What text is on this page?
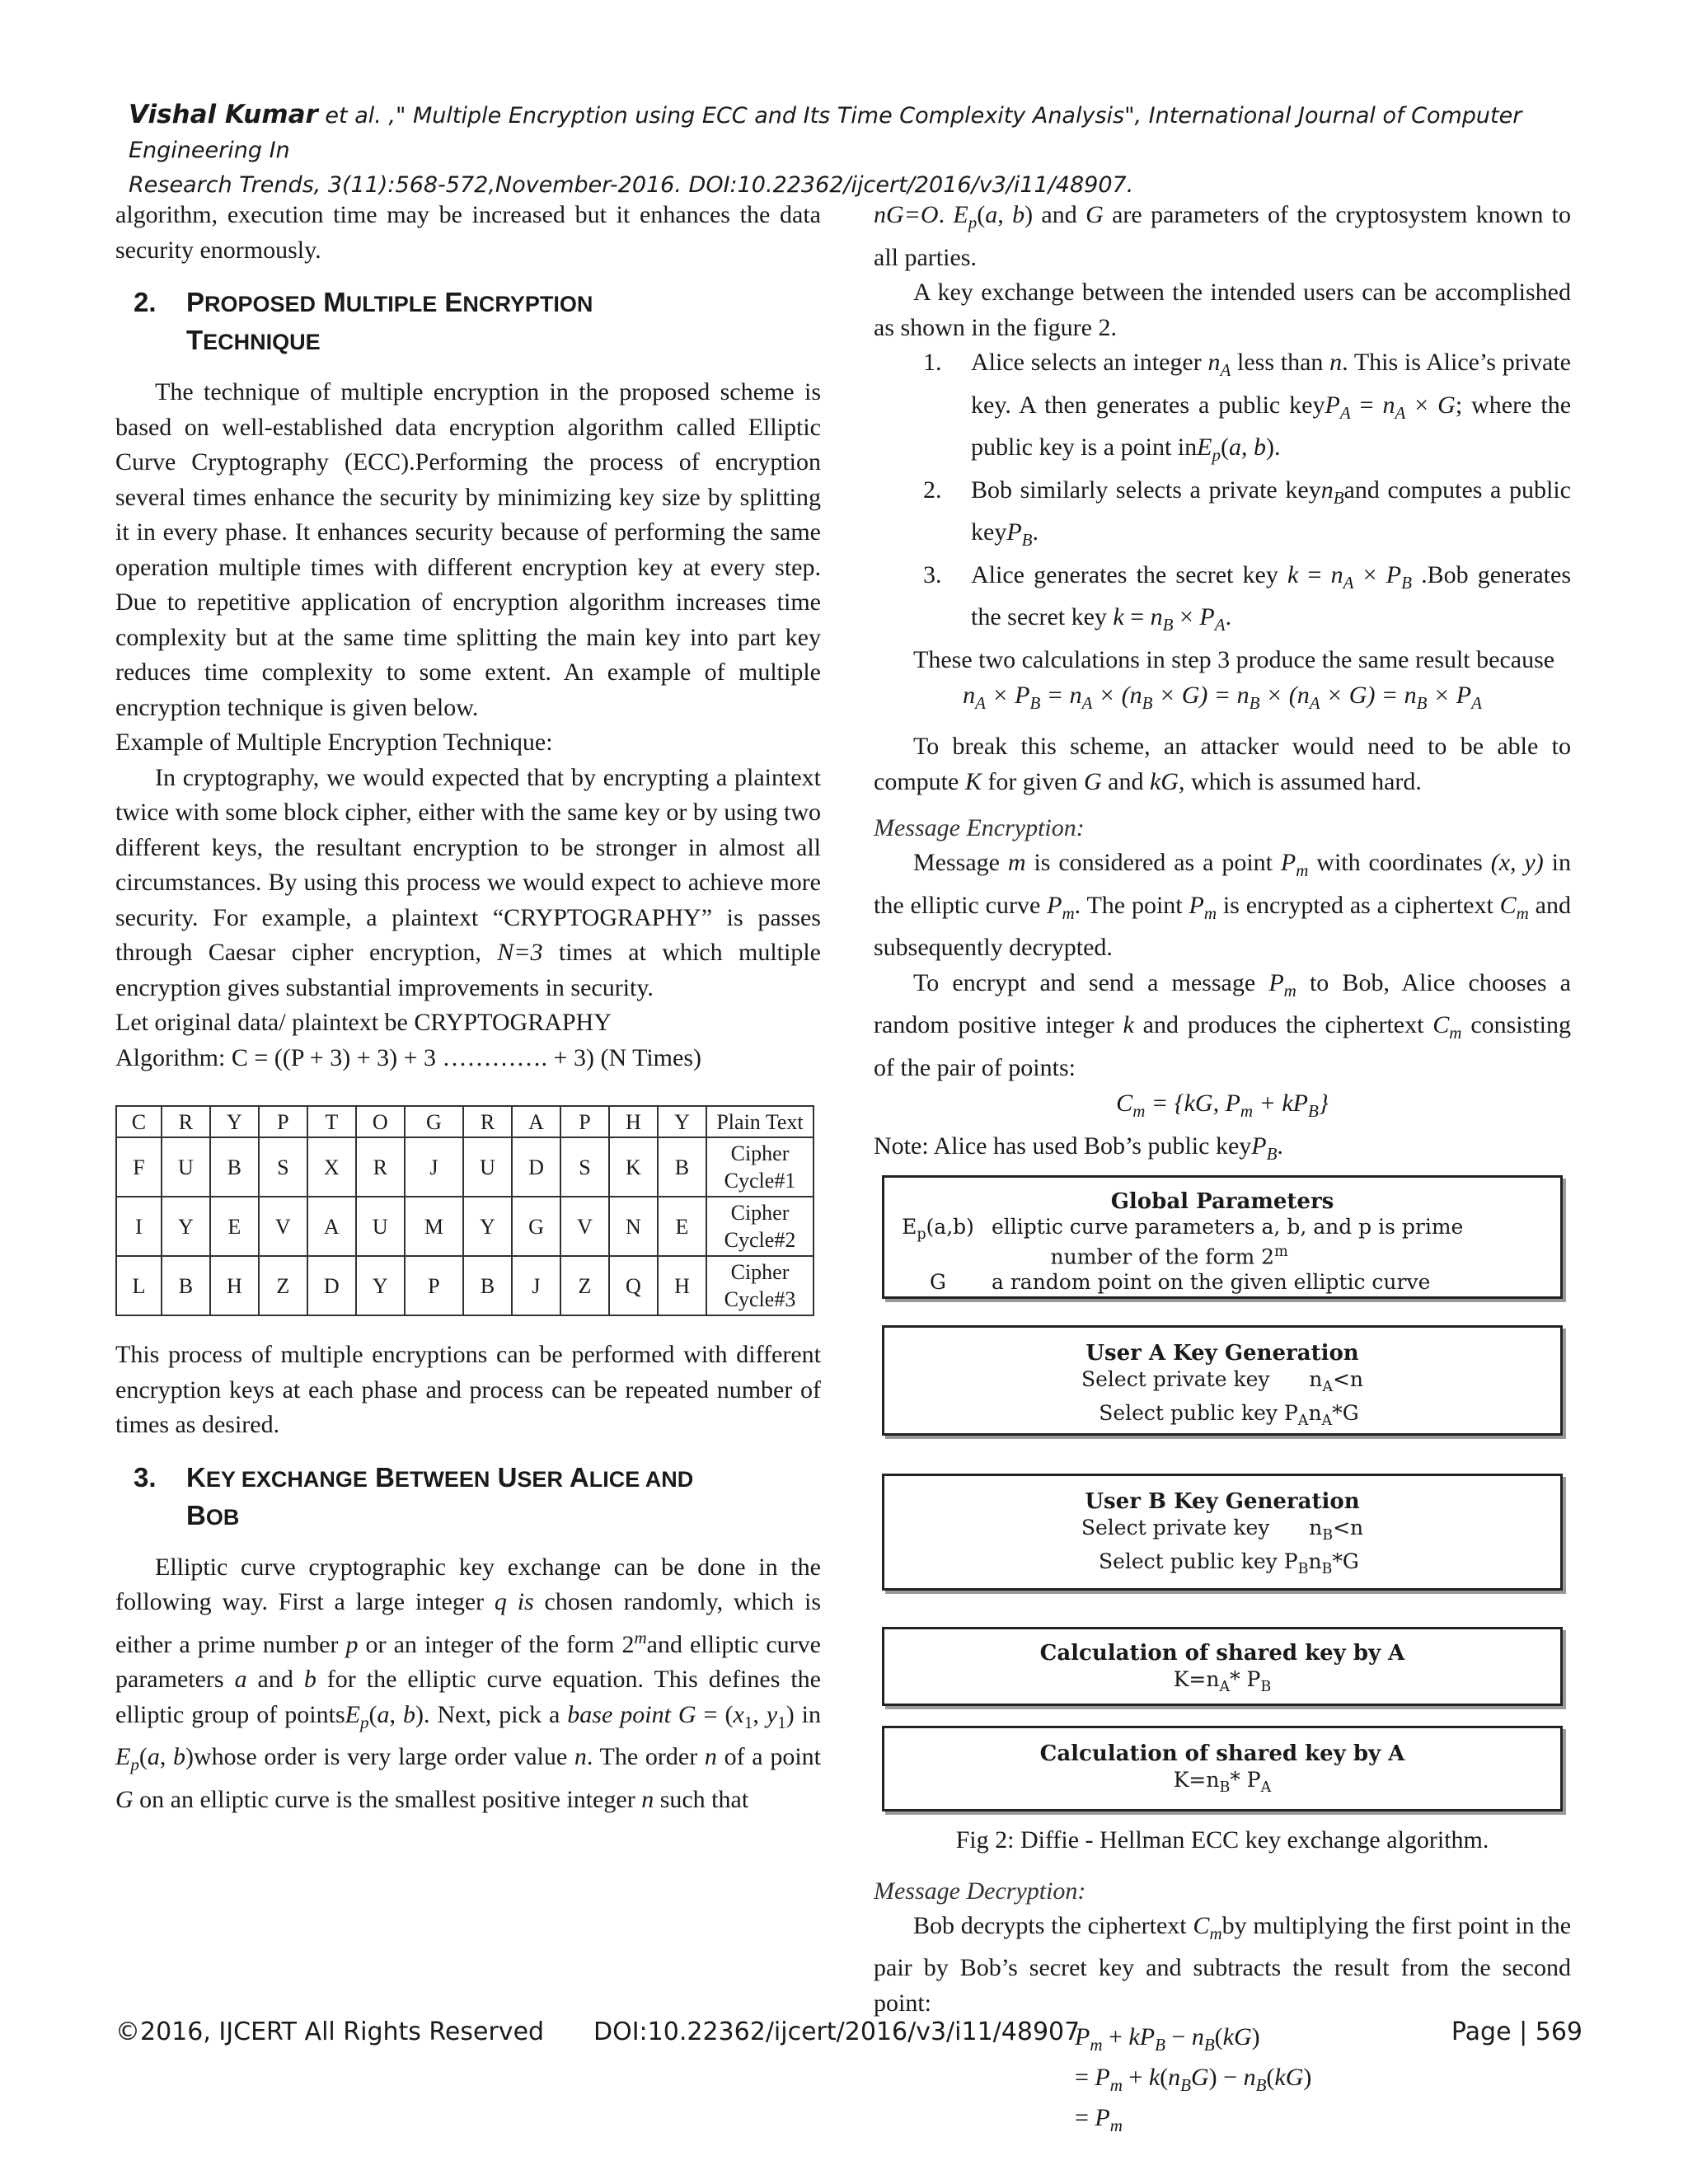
Vishal Kumar et al. ," Multiple Encryption using ECC and Its Time Complexity Analysis", International Journal of Computer Engineering In
Research Trends, 3(11):568-572,November-2016. DOI:10.22362/ijcert/2016/v3/i11/48907.

algorithm, execution time may be increased but it enhances the data security enormously.

2.	PROPOSED MULTIPLE ENCRYPTION
TECHNIQUE

The technique of multiple encryption in the proposed scheme is based on well-established data encryption algorithm called Elliptic Curve Cryptography (ECC).Performing the process of encryption several times enhance the security by minimizing key size by splitting it in every phase. It enhances security because of performing the same operation multiple times with different encryption key at every step. Due to repetitive application of encryption algorithm increases time complexity but at the same time splitting the main key into part key reduces time complexity to some extent. An example of multiple encryption technique is given below.

Example of Multiple Encryption Technique:

In cryptography, we would expected that by encrypting a plaintext twice with some block cipher, either with the same key or by using two different keys, the resultant encryption to be stronger in almost all circumstances. By using this process we would expect to achieve more security. For example, a plaintext “CRYPTOGRAPHY” is passes through Caesar cipher encryption, N=3 times at which multiple encryption gives substantial improvements in security.

Let original data/ plaintext be CRYPTOGRAPHY

Algorithm: C = ((P + 3) + 3) + 3 …………. + 3) (N Times)

C	R	Y	P	T	O	G	R	A	P	H	Y	Plain Text
F	U	B	S	X	R	J	U	D	S	K	B	Cipher Cycle#1
I	Y	E	V	A	U	M	Y	G	V	N	E	Cipher Cycle#2
L	B	H	Z	D	Y	P	B	J	Z	Q	H	Cipher Cycle#3

This process of multiple encryptions can be performed with different encryption keys at each phase and process can be repeated number of times as desired.

3.	KEY EXCHANGE BETWEEN USER ALICE AND
BOB

Elliptic curve cryptographic key exchange can be done in the following way. First a large integer q is chosen randomly, which is either a prime number p or an integer of the form 2$^m$and elliptic curve parameters a and b for the elliptic curve equation. This defines the elliptic group of pointsE$_p$(a, b). Next, pick a base point $G = (x_1$, $y_1$) in $E_p(a$, b)whose order is very large order value n. The order n of a point G on an elliptic curve is the smallest positive integer n such that

nG=O. $E_p(a$, b) and G are parameters of the cryptosystem known to all parties.

A key exchange between the intended users can be accomplished as shown in the figure 2.

1.	Alice selects an integer $n_A$ less than n. This is Alice’s private key. A then generates a public keyP$_A$ = $n_A \times G$; where the public key is a point inE$_p$(a, b).
2.	Bob similarly selects a private keyn$_B$and computes a public keyP$_B$.
3.	Alice generates the secret key $k = n_A \times P_B$ .Bob generates the secret key $k = n_B \times P_A$.

These two calculations in step 3 produce the same result because

$n_A \times P_B = n_A \times (n_B \times G) = n_B \times (n_A \times G) = n_B \times P_A$

To break this scheme, an attacker would need to be able to compute K for given G and kG, which is assumed hard.

Message Encryption:

Message m is considered as a point $P_m$ with coordinates (x, y) in the elliptic curve $P_m$. The point $P_m$ is encrypted as a ciphertext $C_m$ and subsequently decrypted.

To encrypt and send a message $P_m$ to Bob, Alice chooses a random positive integer k and produces the ciphertext $C_m$ consisting of the pair of points:

$C_m = \{kG$, $P_m + kP_B$}

Note: Alice has used Bob’s public keyP$_B$.

Global Parameters
$E_p(a,b)$ elliptic curve parameters a, b, and p is prime
number of the form 2$^m$
G	a random point on the given elliptic curve
User A Key Generation
Select private key      $n_A<n$
Select public key $P_An_A*G$
User B Key Generation
Select private key      $n_B<n$
Select public key $P_Bn_B*G$
Calculation of shared key by A
$K=n_A*$ $P_B$
Calculation of shared key by A
$K=n_B*$ $P_A$
Fig 2: Diffie - Hellman ECC key exchange algorithm.
Message Decryption:

Bob decrypts the ciphertext $C_mby$ multiplying the first point in the pair by Bob’s secret key and subtracts the result from the second point:

$P_m + kP_B - n_B(kG)$
= $P_m + k(n_BG) - n_B(kG)$
= $P_m$
©2016, IJCERT All Rights Reserved DOI:10.22362/ijcert/2016/v3/i11/48907	Page | 569
